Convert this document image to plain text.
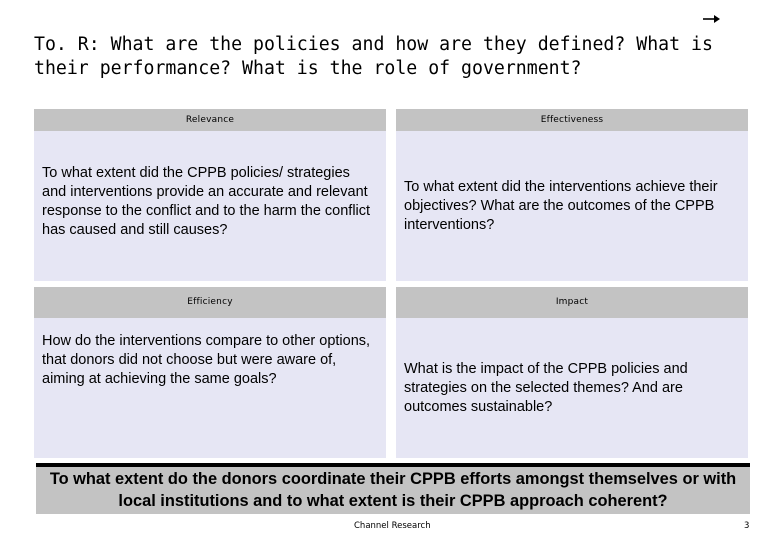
To. R: What are the policies and how are they defined? What is their performance? What is the role of government?
Relevance
To what extent did the CPPB policies/ strategies and interventions provide an accurate and relevant response to the conflict and to the harm the conflict has caused and still causes?
Effectiveness
To what extent did the interventions achieve their objectives? What are the outcomes of the CPPB interventions?
Efficiency
How do the interventions compare to other options, that donors did not choose but were aware of, aiming at achieving the same goals?
Impact
What is the impact of the CPPB policies and strategies on the selected themes? And are outcomes sustainable?
To what extent do the donors coordinate their CPPB efforts amongst themselves or with local institutions and to what extent is their CPPB approach coherent?
Channel Research	3
